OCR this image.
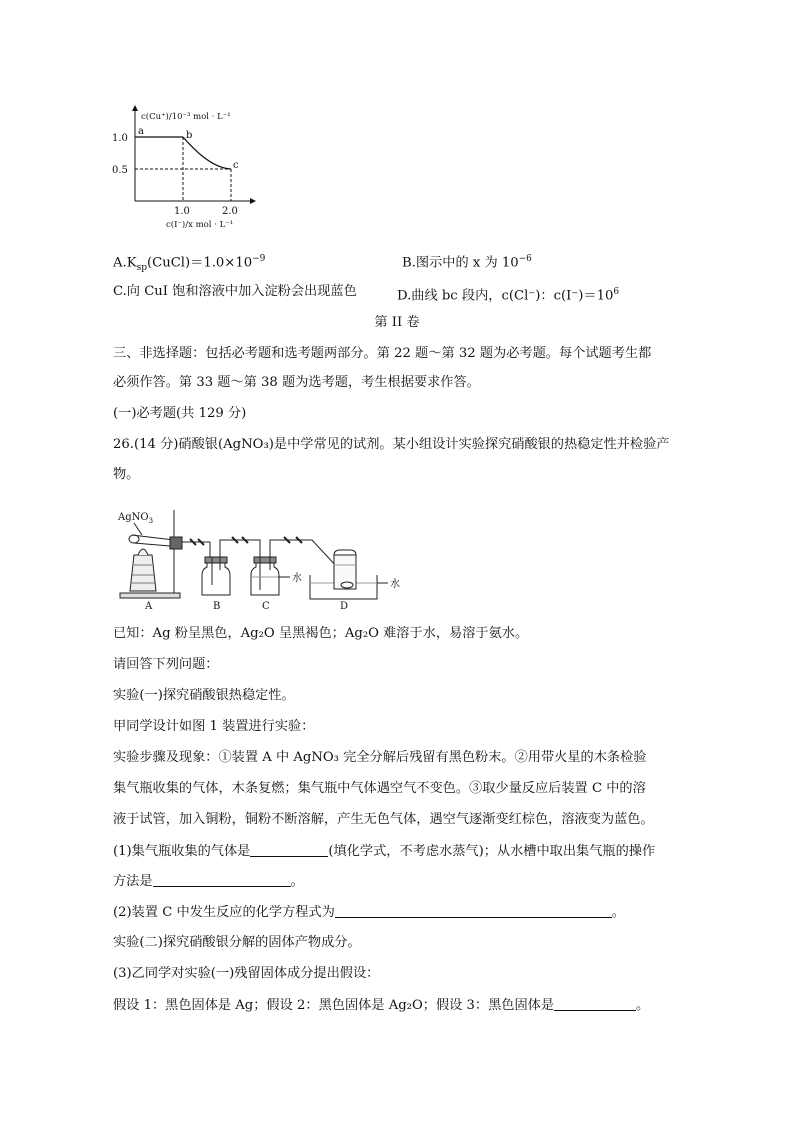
c(Cu⁺)/10⁻³ mol · L⁻¹
c(I⁻)/x mol · L⁻¹
1.0
0.5
1.0	2.0
a	b
c
$A.K_{sp}(CuCl)=1.0\times 10^{-9}$	B.图示中的 x 为 $10^{-6}$
C.向 CuI 饱和溶液中加入淀粉会出现蓝色	D.曲线 bc 段内，c(Cl⁻)：$c(I^-)=10^6$
第 II 卷
三、非选择题：包括必考题和选考题两部分。第 22 题～第 32 题为必考题。每个试题考生都
必须作答。第 33 题～第 38 题为选考题，考生根据要求作答。
(一)必考题(共 129 分)
26.(14 分)硝酸银(AgNO₃)是中学常见的试剂。某小组设计实验探究硝酸银的热稳定性并检验产
物。
AgNO$_3$
A	B	C	D
水
水
已知：Ag 粉呈黑色，Ag₂O 呈黑褐色；Ag₂O 难溶于水，易溶于氨水。
请回答下列问题：
实验(一)探究硝酸银热稳定性。
甲同学设计如图 1 装置进行实验：
实验步骤及现象：①装置 A 中 AgNO₃ 完全分解后残留有黑色粉末。②用带火星的木条检验
集气瓶收集的气体，木条复燃；集气瓶中气体遇空气不变色。③取少量反应后装置 C 中的溶
液于试管，加入铜粉，铜粉不断溶解，产生无色气体，遇空气逐渐变红棕色，溶液变为蓝色。
(1)集气瓶收集的气体是	(填化学式，不考虑水蒸气)；从水槽中取出集气瓶的操作
方法是	。
(2)装置 C 中发生反应的化学方程式为	。
实验(二)探究硝酸银分解的固体产物成分。
(3)乙同学对实验(一)残留固体成分提出假设：
假设 1：黑色固体是 Ag；假设 2：黑色固体是 Ag₂O；假设 3：黑色固体是	。
